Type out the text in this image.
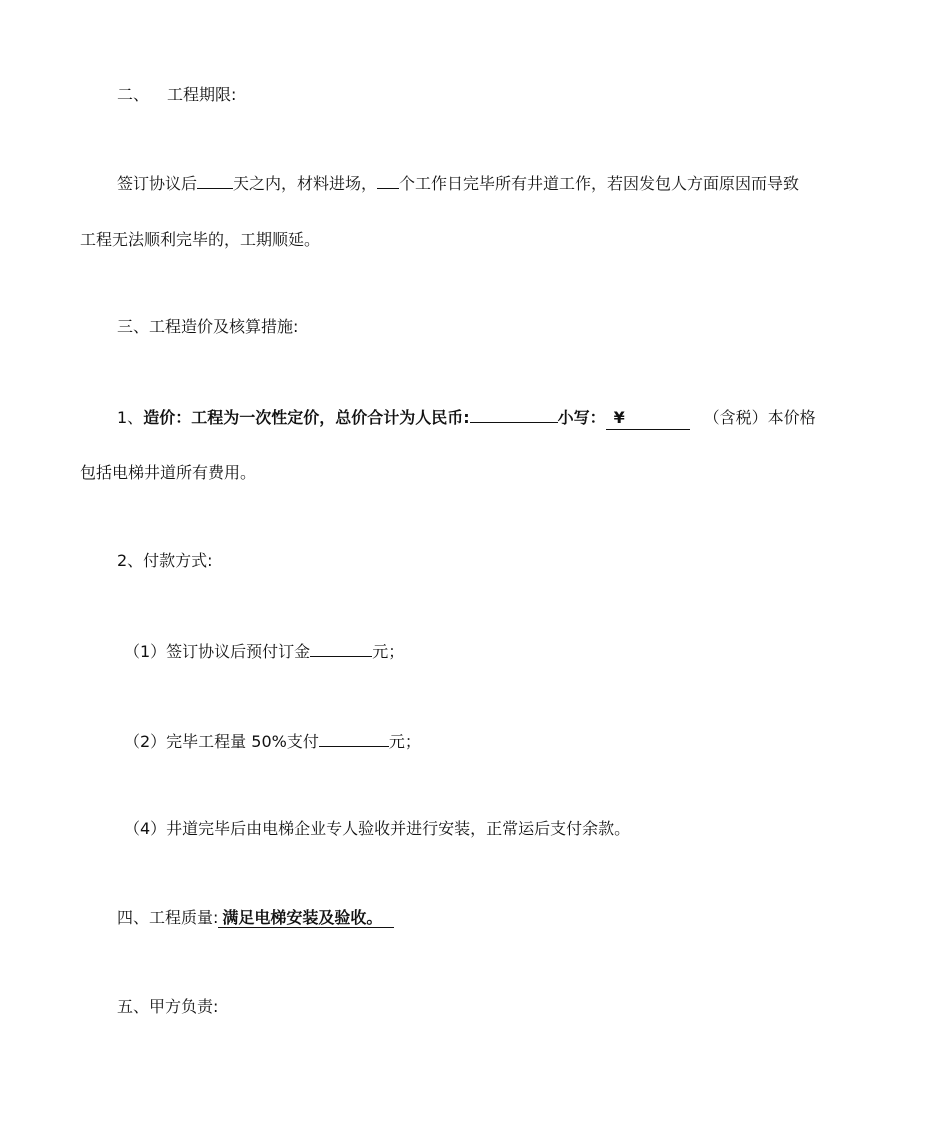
二、 工程期限:
签订协议后 天之内，材料进场， 个工作日完毕所有井道工作，若因发包人方面原因而导致
工程无法顺利完毕的，工期顺延。
三、工程造价及核算措施:
1、造价：工程为一次性定价，总价合计为人民币:	小写： ¥	（含税）本价格
包括电梯井道所有费用。
2、付款方式:
（1）签订协议后预付订金	元；
（2）完毕工程量 50%支付	元；
（4）井道完毕后由电梯企业专人验收并进行安装，正常运后支付余款。
四、工程质量: 满足电梯安装及验收。
五、甲方负责:
